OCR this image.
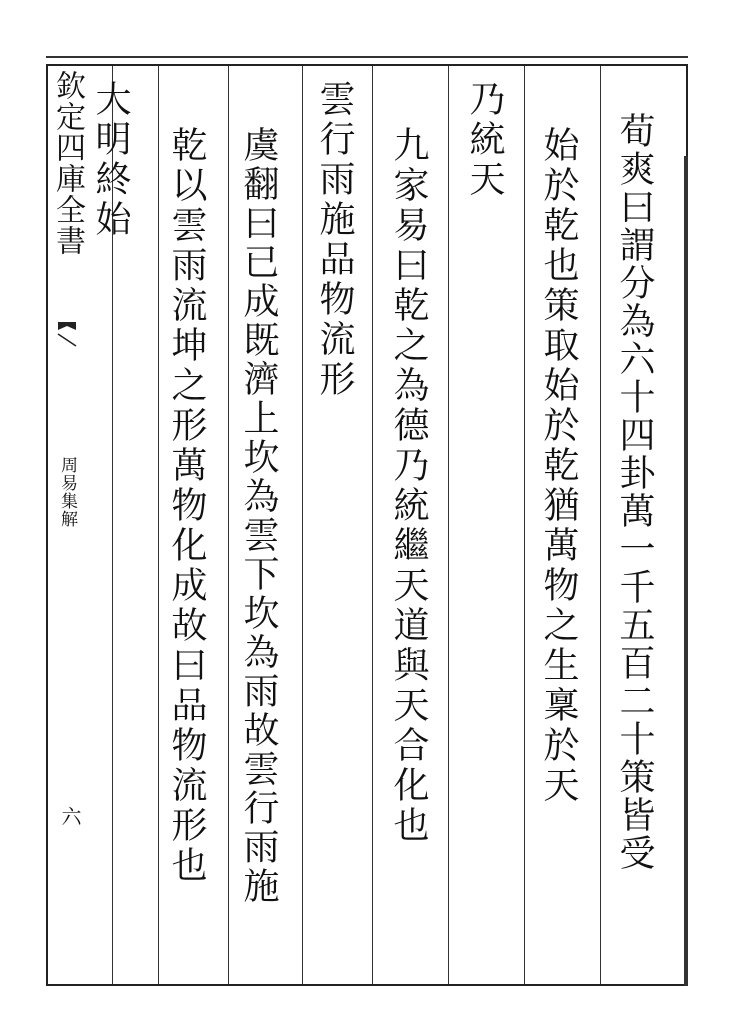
欽定四庫全書
周易集解
六	荀爽曰謂分為六十四卦萬一千五百二十策皆受
始於乾也策取始於乾猶萬物之生稟於天
乃統天
九家易曰乾之為德乃統繼天道與天合化也
雲行雨施品物流形
虞翻曰已成既濟上坎為雲下坎為雨故雲行雨施
乾以雲雨流坤之形萬物化成故曰品物流形也
大明終始
